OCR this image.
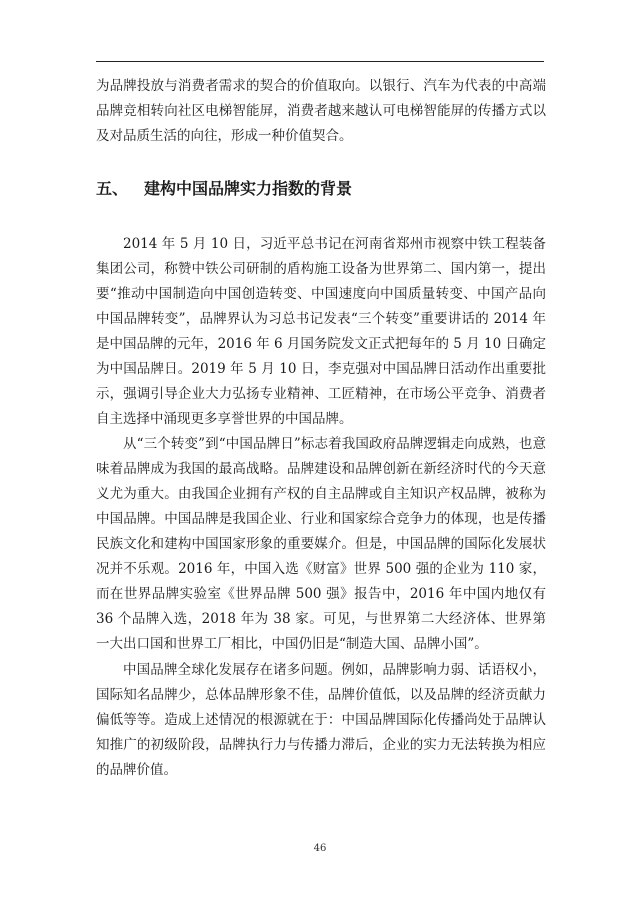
为品牌投放与消费者需求的契合的价值取向。以银行、汽车为代表的中高端品牌竞相转向社区电梯智能屏，消费者越来越认可电梯智能屏的传播方式以及对品质生活的向往，形成一种价值契合。

五、 建构中国品牌实力指数的背景

2014 年 5 月 10 日，习近平总书记在河南省郑州市视察中铁工程装备集团公司，称赞中铁公司研制的盾构施工设备为世界第二、国内第一，提出要“推动中国制造向中国创造转变、中国速度向中国质量转变、中国产品向中国品牌转变”，品牌界认为习总书记发表“三个转变”重要讲话的 2014 年是中国品牌的元年，2016 年 6 月国务院发文正式把每年的 5 月 10 日确定为中国品牌日。2019 年 5 月 10 日，李克强对中国品牌日活动作出重要批示，强调引导企业大力弘扬专业精神、工匠精神，在市场公平竞争、消费者自主选择中涌现更多享誉世界的中国品牌。

从“三个转变”到“中国品牌日”标志着我国政府品牌逻辑走向成熟，也意味着品牌成为我国的最高战略。品牌建设和品牌创新在新经济时代的今天意义尤为重大。由我国企业拥有产权的自主品牌或自主知识产权品牌，被称为中国品牌。中国品牌是我国企业、行业和国家综合竞争力的体现，也是传播民族文化和建构中国国家形象的重要媒介。但是，中国品牌的国际化发展状况并不乐观。2016 年，中国入选《财富》世界 500 强的企业为 110 家，而在世界品牌实验室《世界品牌 500 强》报告中，2016 年中国内地仅有 36 个品牌入选，2018 年为 38 家。可见，与世界第二大经济体、世界第一大出口国和世界工厂相比，中国仍旧是“制造大国、品牌小国”。

中国品牌全球化发展存在诸多问题。例如，品牌影响力弱、话语权小，国际知名品牌少，总体品牌形象不佳，品牌价值低，以及品牌的经济贡献力偏低等等。造成上述情况的根源就在于：中国品牌国际化传播尚处于品牌认知推广的初级阶段，品牌执行力与传播力滞后，企业的实力无法转换为相应的品牌价值。

46
